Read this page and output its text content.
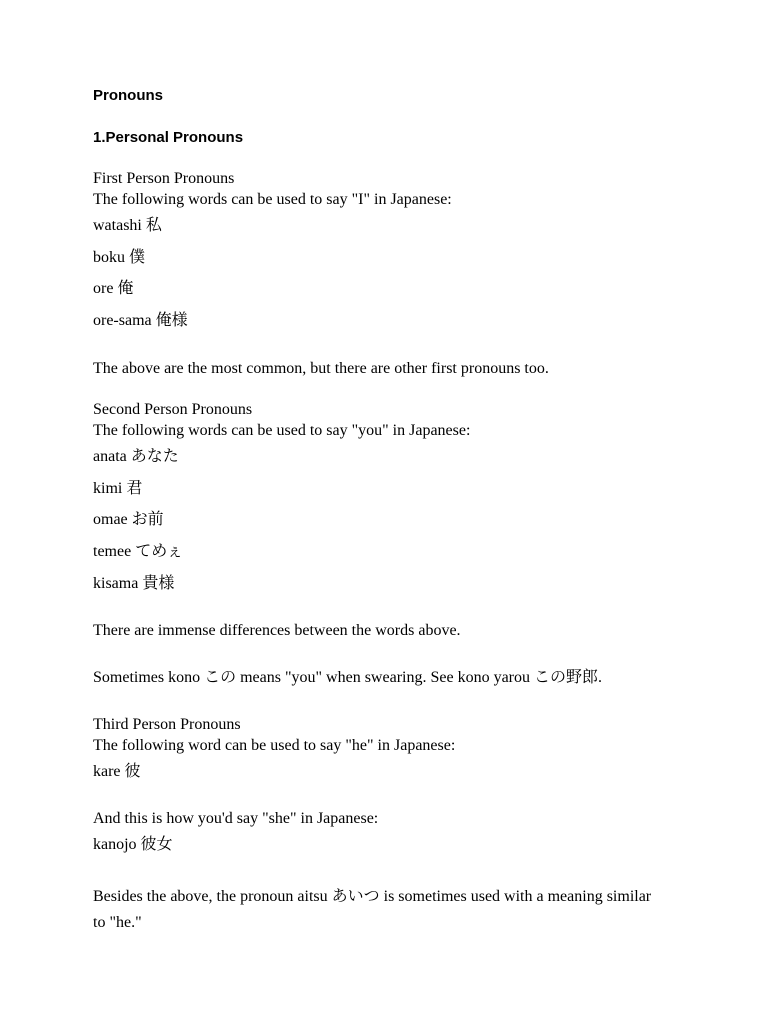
Pronouns
1.Personal Pronouns
First Person Pronouns
The following words can be used to say "I" in Japanese:
watashi 私
boku 僕
ore 俺
ore-sama 俺様
The above are the most common, but there are other first pronouns too.
Second Person Pronouns
The following words can be used to say "you" in Japanese:
anata あなた
kimi 君
omae お前
temee てめぇ
kisama 貴様
There are immense differences between the words above.
Sometimes kono この means "you" when swearing. See kono yarou この野郎.
Third Person Pronouns
The following word can be used to say "he" in Japanese:
kare 彼
And this is how you'd say "she" in Japanese:
kanojo 彼女
Besides the above, the pronoun aitsu あいつ is sometimes used with a meaning similar
to "he."
